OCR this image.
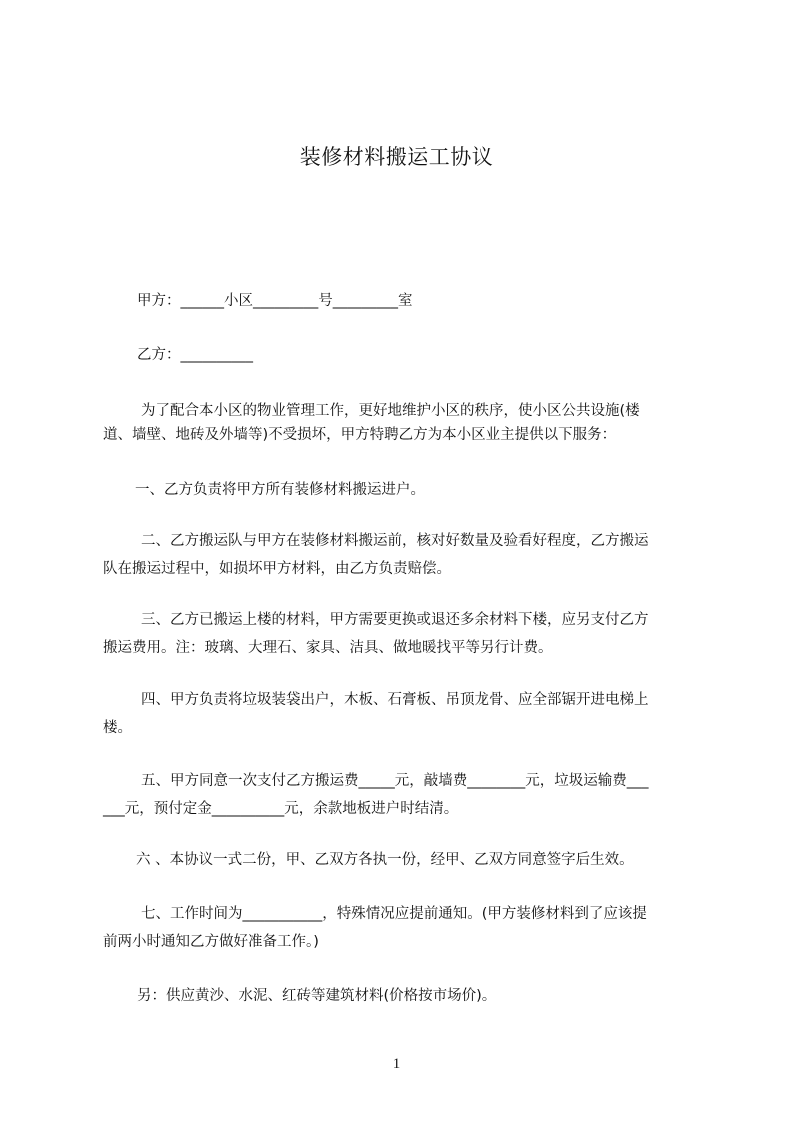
装修材料搬运工协议
甲方：______小区_________号_________室
乙方：__________
为了配合本小区的物业管理工作，更好地维护小区的秩序，使小区公共设施(楼
道、墙壁、地砖及外墙等)不受损坏，甲方特聘乙方为本小区业主提供以下服务：
一、乙方负责将甲方所有装修材料搬运进户。
二、乙方搬运队与甲方在装修材料搬运前，核对好数量及验看好程度，乙方搬运
队在搬运过程中，如损坏甲方材料，由乙方负责赔偿。
三、乙方已搬运上楼的材料，甲方需要更换或退还多余材料下楼，应另支付乙方
搬运费用。注：玻璃、大理石、家具、洁具、做地暖找平等另行计费。
四、甲方负责将垃圾装袋出户，木板、石膏板、吊顶龙骨、应全部锯开进电梯上
楼。
五、甲方同意一次支付乙方搬运费_____元，敲墙费________元，垃圾运输费___
___元，预付定金__________元，余款地板进户时结清。
六 、本协议一式二份，甲、乙双方各执一份，经甲、乙双方同意签字后生效。
七、工作时间为___________，特殊情况应提前通知。(甲方装修材料到了应该提
前两小时通知乙方做好准备工作。)
另：供应黄沙、水泥、红砖等建筑材料(价格按市场价)。
1
